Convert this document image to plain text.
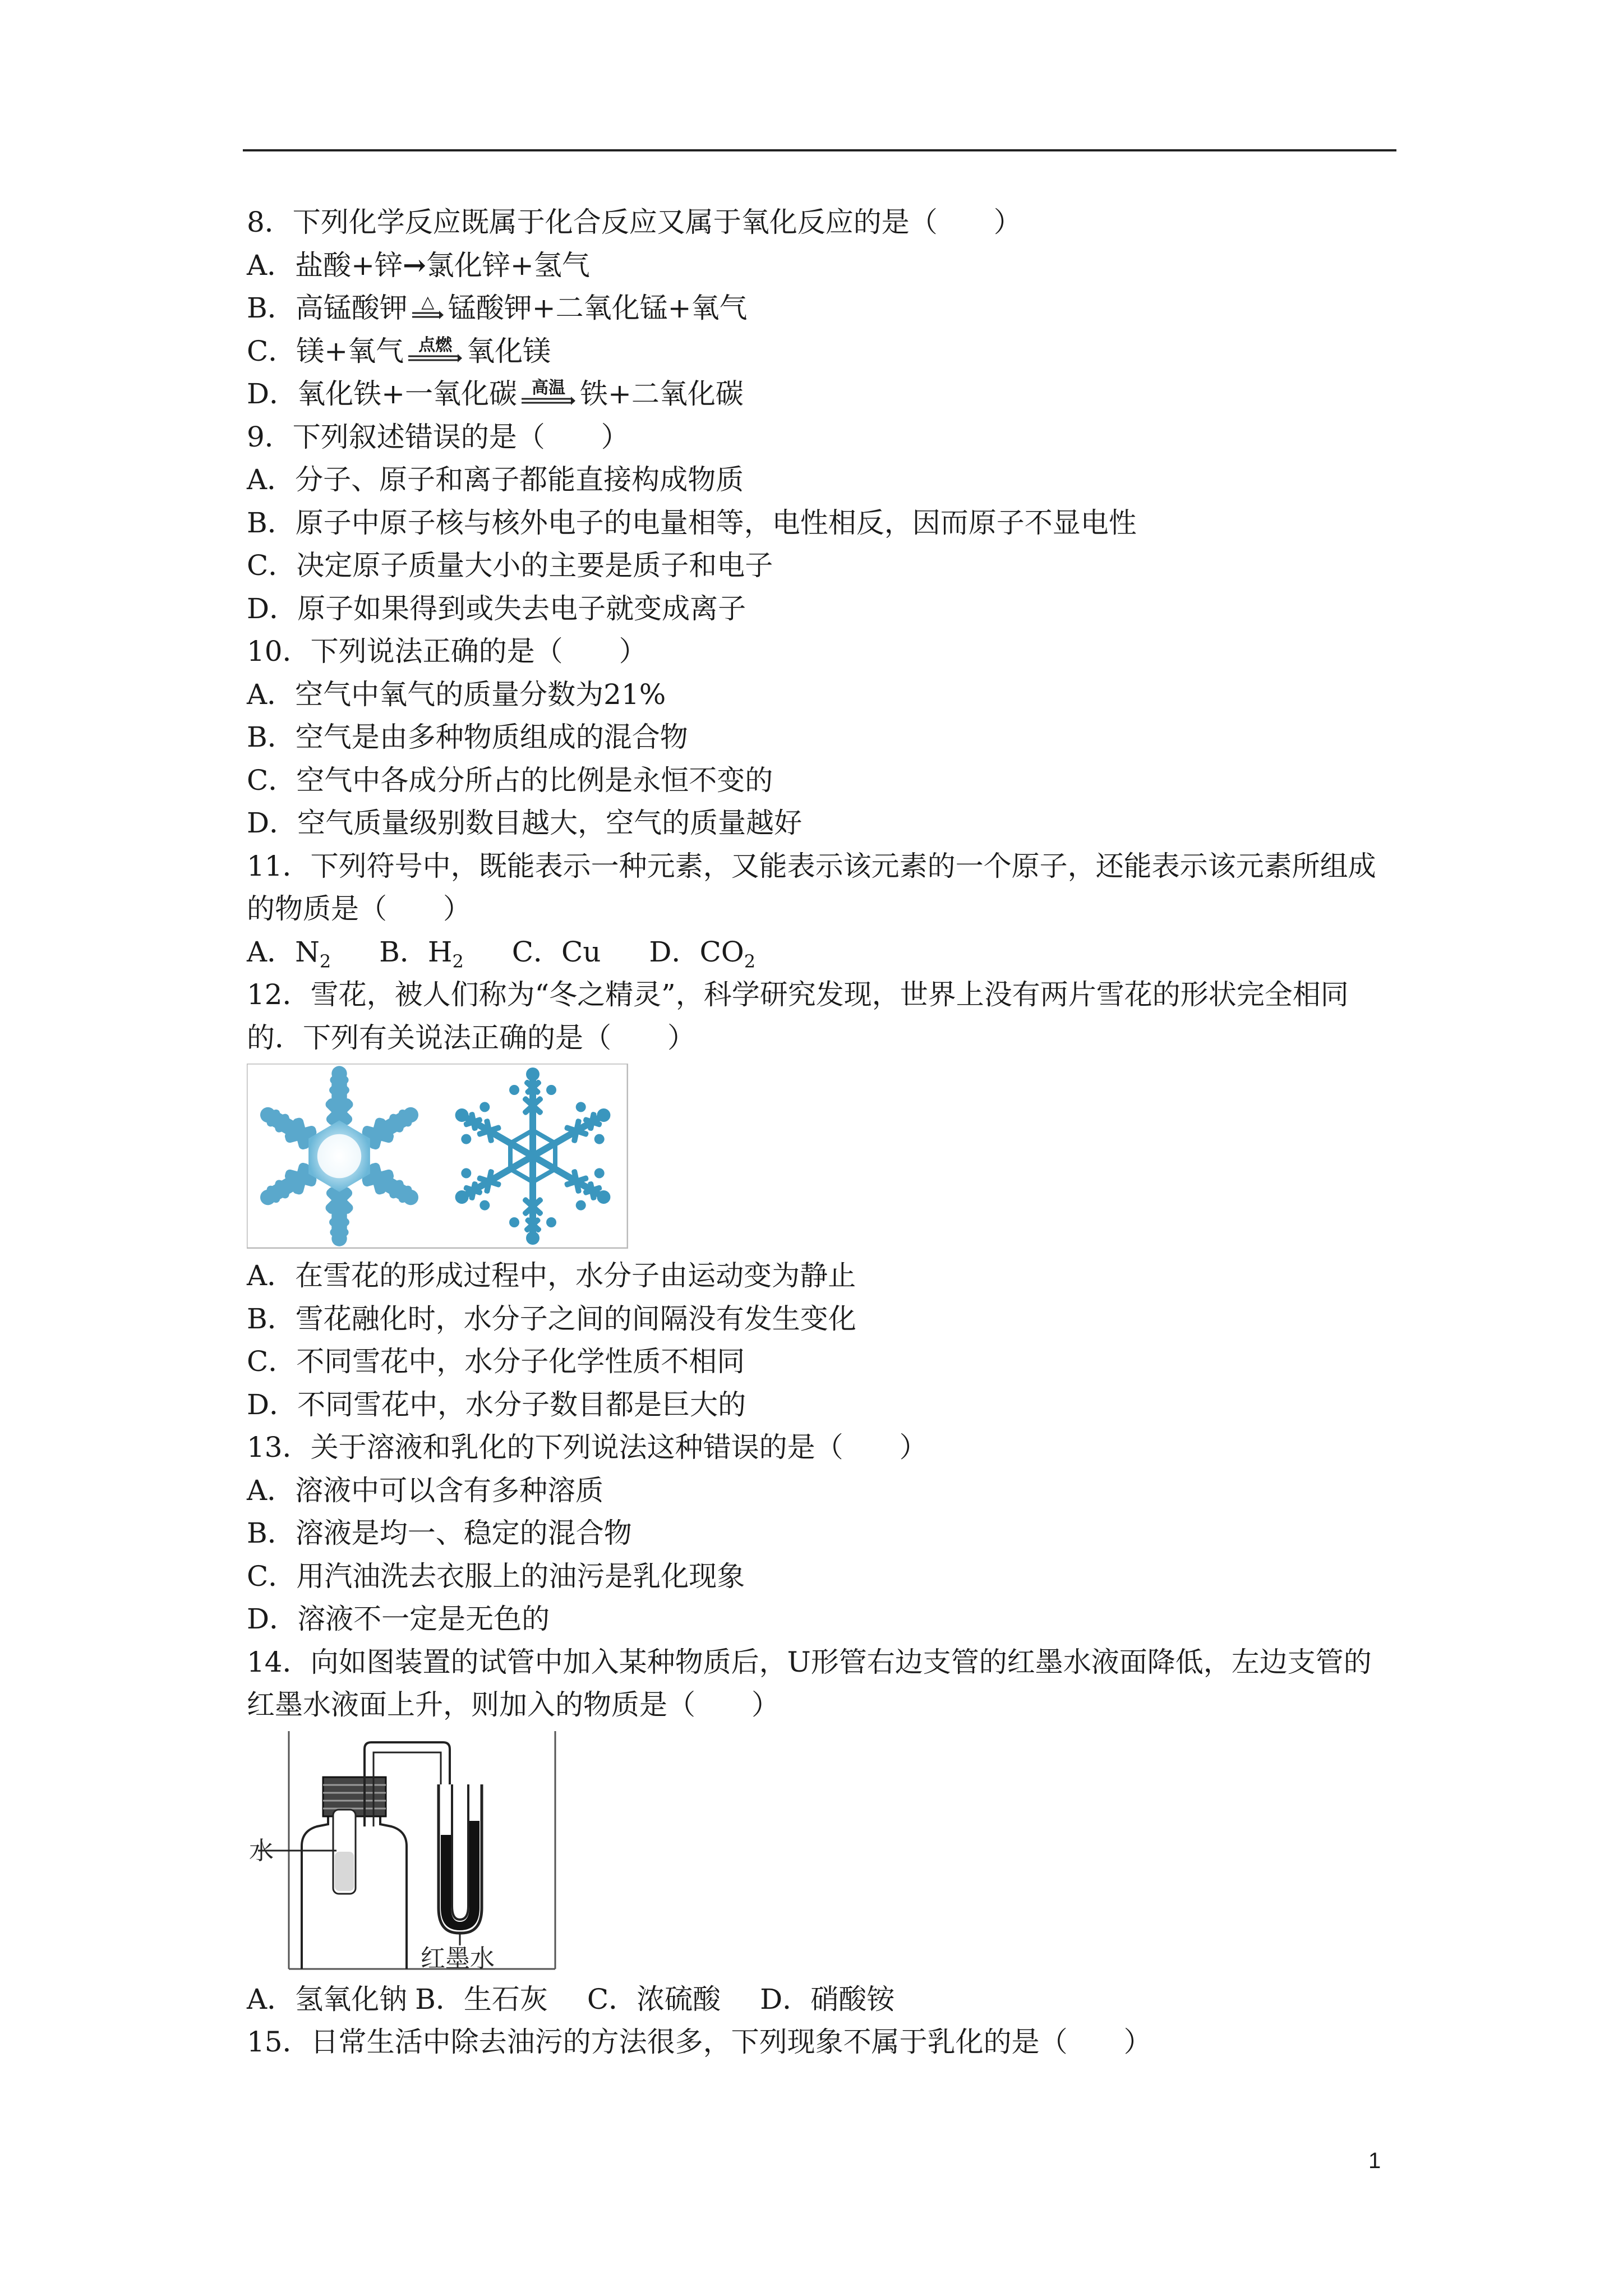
8．下列化学反应既属于化合反应又属于氧化反应的是（　　）
A．盐酸+锌→氯化锌+氢气
B．高锰酸钾 △ 锰酸钾+二氧化锰+氧气
C．镁+氧气 点燃 氧化镁
D．氧化铁+一氧化碳 高温 铁+二氧化碳
9．下列叙述错误的是（　　）
A．分子、原子和离子都能直接构成物质
B．原子中原子核与核外电子的电量相等，电性相反，因而原子不显电性
C．决定原子质量大小的主要是质子和电子
D．原子如果得到或失去电子就变成离子
10．下列说法正确的是（　　）
A．空气中氧气的质量分数为21%
B．空气是由多种物质组成的混合物
C．空气中各成分所占的比例是永恒不变的
D．空气质量级别数目越大，空气的质量越好
11．下列符号中，既能表示一种元素，又能表示该元素的一个原子，还能表示该元素所组成
的物质是（　　）
A．$N_2$ B．$H_2$ C．Cu D．$CO_2$
12．雪花，被人们称为“冬之精灵”，科学研究发现，世界上没有两片雪花的形状完全相同
的．下列有关说法正确的是（　　）
A．在雪花的形成过程中，水分子由运动变为静止
B．雪花融化时，水分子之间的间隔没有发生变化
C．不同雪花中，水分子化学性质不相同
D．不同雪花中，水分子数目都是巨大的
13．关于溶液和乳化的下列说法这种错误的是（　　）
A．溶液中可以含有多种溶质
B．溶液是均一、稳定的混合物
C．用汽油洗去衣服上的油污是乳化现象
D．溶液不一定是无色的
14．向如图装置的试管中加入某种物质后，U形管右边支管的红墨水液面降低，左边支管的
红墨水液面上升，则加入的物质是（　　）
水
红墨水
A．氢氧化钠 B．生石灰 C．浓硫酸 D．硝酸铵
15．日常生活中除去油污的方法很多，下列现象不属于乳化的是（　　）
1
